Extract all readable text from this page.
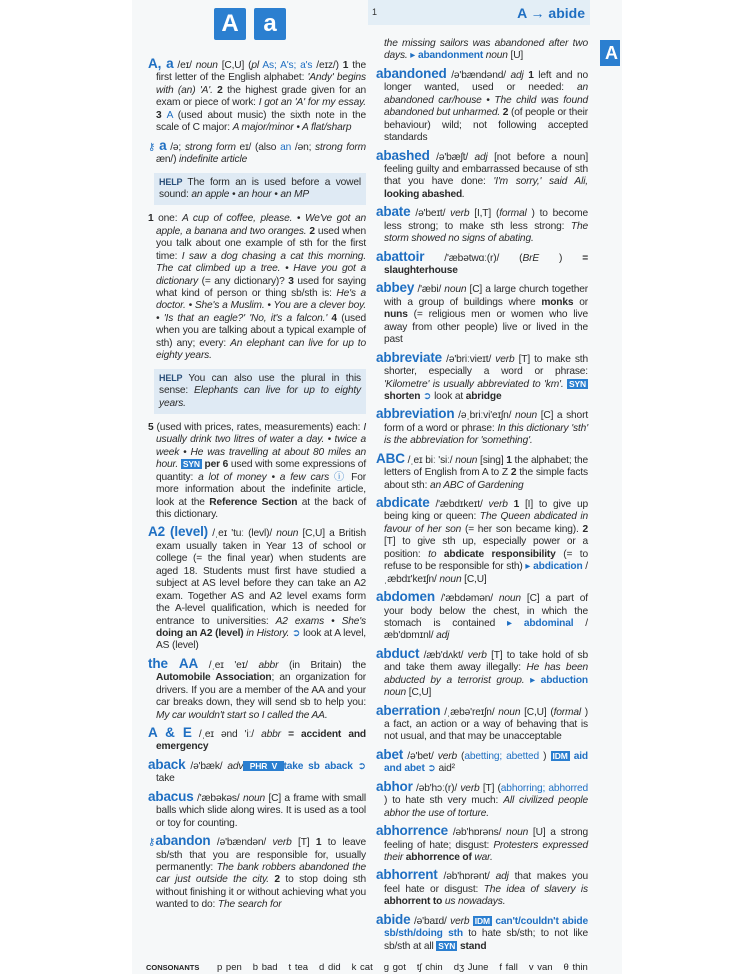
A	a	1	A → abide
A
A, a /eɪ/ noun [C,U] (pl As; A's; a's /eɪz/) 1 the first letter of the English alphabet: 'Andy' begins with (an) 'A'. 2 the highest grade given for an exam or piece of work: I got an 'A' for my essay. 3 A (used about music) the sixth note in the scale of C major: A major/minor • A flat/sharp
⚷ a /ə; strong form eɪ/ (also an /ən; strong form æn/) indefinite article
HELP The form an is used before a vowel sound: an apple • an hour • an MP
1 one: A cup of coffee, please. • We've got an apple, a banana and two oranges. 2 used when you talk about one example of sth for the first time: I saw a dog chasing a cat this morning. The cat climbed up a tree. • Have you got a dictionary (= any dictionary)? 3 used for saying what kind of person or thing sb/sth is: He's a doctor. • She's a Muslim. • You are a clever boy. • 'Is that an eagle?' 'No, it's a falcon.' 4 (used when you are talking about a typical example of sth) any; every: An elephant can live for up to eighty years.
HELP You can also use the plural in this sense: Elephants can live for up to eighty years.
5 (used with prices, rates, measurements) each: I usually drink two litres of water a day. • twice a week • He was travelling at about 80 miles an hour. SYN per 6 used with some expressions of quantity: a lot of money • a few cars ⓘ For more information about the indefinite article, look at the Reference Section at the back of this dictionary.
A2 (level) /ˌeɪ 'tuː (levl)/ noun [C,U] a British exam usually taken in Year 13 of school or college (= the final year) when students are aged 18. Students must first have studied a subject at AS level before they can take an A2 exam. Together AS and A2 level exams form the A-level qualification, which is needed for entrance to universities: A2 exams • She's doing an A2 (level) in History. ➲ look at A level, AS (level)
the AA /ˌeɪ 'eɪ/ abbr (in Britain) the Automobile Association; an organization for drivers. If you are a member of the AA and your car breaks down, they will send sb to help you: My car wouldn't start so I called the AA.
A & E /ˌeɪ ənd 'iː/ abbr = accident and emergency
aback /ə'bæk/ adv PHR V take sb aback ➲ take
abacus /'æbəkəs/ noun [C] a frame with small balls which slide along wires. It is used as a tool or toy for counting.
⚷abandon /ə'bændən/ verb [T] 1 to leave sb/sth that you are responsible for, usually permanently: The bank robbers abandoned the car just outside the city. 2 to stop doing sth without finishing it or without achieving what you wanted to do: The search for
the missing sailors was abandoned after two days. ▸ abandonment noun [U]
abandoned /ə'bændənd/ adj 1 left and no longer wanted, used or needed: an abandoned car/house • The child was found abandoned but unharmed. 2 (of people or their behaviour) wild; not following accepted standards
abashed /ə'bæʃt/ adj [not before a noun] feeling guilty and embarrassed because of sth that you have done: 'I'm sorry,' said Ali, looking abashed.
abate /ə'beɪt/ verb [I,T] (formal ) to become less strong; to make sth less strong: The storm showed no signs of abating.
abattoir /'æbətwɑː(r)/ (BrE ) = slaughterhouse
abbey /'æbi/ noun [C] a large church together with a group of buildings where monks or nuns (= religious men or women who live away from other people) live or lived in the past
abbreviate /ə'briːvieɪt/ verb [T] to make sth shorter, especially a word or phrase: 'Kilometre' is usually abbreviated to 'km'. SYN shorten ➲ look at abridge
abbreviation /əˌbriːvi'eɪʃn/ noun [C] a short form of a word or phrase: In this dictionary 'sth' is the abbreviation for 'something'.
ABC /ˌeɪ biː 'siː/ noun [sing] 1 the alphabet; the letters of English from A to Z 2 the simple facts about sth: an ABC of Gardening
abdicate /'æbdɪkeɪt/ verb 1 [I] to give up being king or queen: The Queen abdicated in favour of her son (= her son became king). 2 [T] to give sth up, especially power or a position: to abdicate responsibility (= to refuse to be responsible for sth) ▸ abdication /ˌæbdɪ'keɪʃn/ noun [C,U]
abdomen /'æbdəmən/ noun [C] a part of your body below the chest, in which the stomach is contained ▸ abdominal /æb'dɒmɪnl/ adj
abduct /æb'dʌkt/ verb [T] to take hold of sb and take them away illegally: He has been abducted by a terrorist group. ▸ abduction noun [C,U]
aberration /ˌæbə'reɪʃn/ noun [C,U] (formal ) a fact, an action or a way of behaving that is not usual, and that may be unacceptable
abet /ə'bet/ verb (abetting; abetted ) IDM aid and abet ➲ aid²
abhor /əb'hɔː(r)/ verb [T] (abhorring; abhorred ) to hate sth very much: All civilized people abhor the use of torture.
abhorrence /əb'hɒrəns/ noun [U] a strong feeling of hate; disgust: Protesters expressed their abhorrence of war.
abhorrent /əb'hɒrənt/ adj that makes you feel hate or disgust: The idea of slavery is abhorrent to us nowadays.
abide /ə'baɪd/ verb IDM can't/couldn't abide sb/sth/doing sth to hate sb/sth; to not like sb/sth at all SYN stand
CONSONANTS p pen b bad t tea d did k cat g got tʃ chin dʒ June f fall v van θ thin
